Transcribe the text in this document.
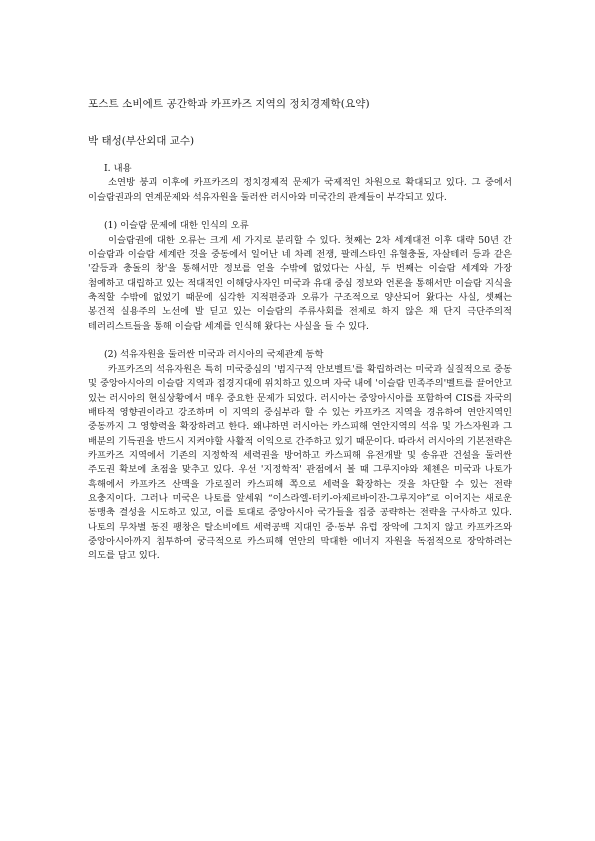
포스트 소비에트 공간학과 카프카즈 지역의 정치경제학(요약)
박 태성(부산외대 교수)
I. 내용
소연방 붕괴 이후에 카프카즈의 정치경제적 문제가 국제적인 차원으로 확대되고 있다. 그 중에서 이슬람권과의 연계문제와 석유자원을 둘러싼 러시아와 미국간의 관계들이 부각되고 있다.
(1) 이슬람 문제에 대한 인식의 오류
이슬람권에 대한 오류는 크게 세 가지로 분리할 수 있다. 첫째는 2차 세계대전 이후 대략 50년 간 이슬람과 이슬람 세계란 것을 중동에서 일어난 네 차례 전쟁, 팔레스타인 유혈충돌, 자살테러 등과 같은 '갈등과 충돌의 창'을 통해서만 정보를 얻을 수밖에 없었다는 사실, 두 번째는 이슬람 세계와 가장 첨예하고 대립하고 있는 적대적인 이해당사자인 미국과 유대 중심 정보와 언론을 통해서만 이슬람 지식을 축적할 수밖에 없었기 때문에 심각한 지적편중과 오류가 구조적으로 양산되어 왔다는 사실, 셋째는 봉건적 실용주의 노선에 발 딛고 있는 이슬람의 주류사회를 전제로 하지 않은 채 단지 극단주의적 테러리스트들을 통해 이슬람 세계를 인식해 왔다는 사실을 들 수 있다.
(2) 석유자원을 둘러싼 미국과 러시아의 국제관계 동학
카프카즈의 석유자원은 특히 미국중심의 '범지구적 안보벨트'를 확립하려는 미국과 실질적으로 중동 및 중앙아시아의 이슬람 지역과 접경지대에 위치하고 있으며 자국 내에 '이슬람 민족주의'벨트를 끌어안고 있는 러시아의 현실상황에서 매우 중요한 문제가 되었다. 러시아는 중앙아시아를 포함하여 CIS를 자국의 배타적 영향권이라고 강조하며 이 지역의 중심부라 할 수 있는 카프카즈 지역을 경유하여 연안지역인 중동까지 그 영향력을 확장하려고 한다. 왜냐하면 러시아는 카스피해 연안지역의 석유 및 가스자원과 그 배분의 기득권을 반드시 지켜야할 사활적 이익으로 간주하고 있기 때문이다. 따라서 러시아의 기본전략은 카프카즈 지역에서 기존의 지정학적 세력권을 방어하고 카스피해 유전개발 및 송유관 건설을 둘러싼 주도권 확보에 초점을 맞추고 있다. 우선 '지정학적' 관점에서 볼 때 그루지야와 체첸은 미국과 나토가 흑해에서 카프카즈 산맥을 가로질러 카스피해 쪽으로 세력을 확장하는 것을 차단할 수 있는 전략 요충지이다. 그러나 미국은 나토를 앞세워 “이스라엘-터키-아제르바이잔-그루지야”로 이어지는 새로운 동맹축 결성을 시도하고 있고, 이를 토대로 중앙아시아 국가들을 집중 공략하는 전략을 구사하고 있다. 나토의 무차별 동진 팽창은 탈소비에트 세력공백 지대인 중·동부 유럽 장악에 그치지 않고 카프카즈와 중앙아시아까지 침투하여 궁극적으로 카스피해 연안의 막대한 에너지 자원을 독점적으로 장악하려는 의도를 담고 있다.
